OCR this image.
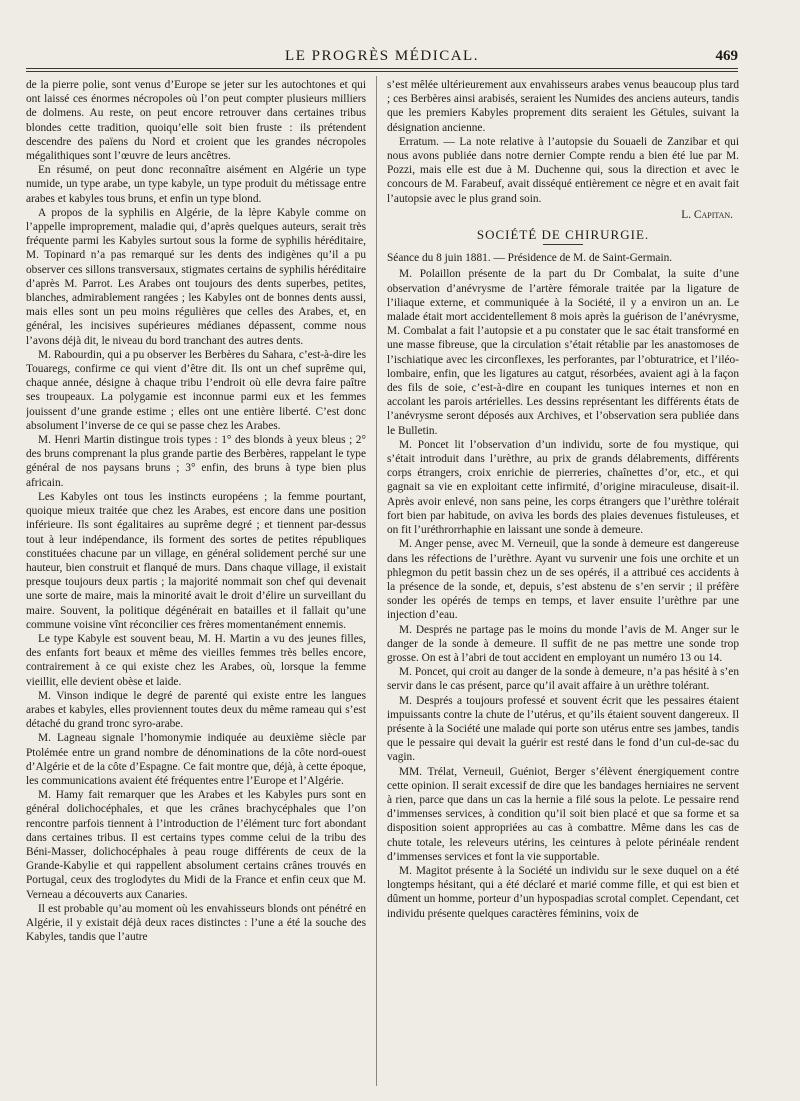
LE PROGRÈS MÉDICAL.	469

de la pierre polie, sont venus d’Europe se jeter sur les autochtones et qui ont laissé ces énormes nécropoles où l’on peut compter plusieurs milliers de dolmens. Au reste, on peut encore retrouver dans certaines tribus blondes cette tradition, quoiqu’elle soit bien fruste : ils prétendent descendre des païens du Nord et croient que les grandes nécropoles mégalithiques sont l’œuvre de leurs ancêtres.

En résumé, on peut donc reconnaître aisément en Algérie un type numide, un type arabe, un type kabyle, un type produit du métissage entre arabes et kabyles tous bruns, et enfin un type blond.

A propos de la syphilis en Algérie, de la lèpre Kabyle comme on l’appelle improprement, maladie qui, d’après quelques auteurs, serait très fréquente parmi les Kabyles surtout sous la forme de syphilis héréditaire, M. Topinard n’a pas remarqué sur les dents des indigènes qu’il a pu observer ces sillons transversaux, stigmates certains de syphilis héréditaire d’après M. Parrot. Les Arabes ont toujours des dents superbes, petites, blanches, admirablement rangées ; les Kabyles ont de bonnes dents aussi, mais elles sont un peu moins régulières que celles des Arabes, et, en général, les incisives supérieures médianes dépassent, comme nous l’avons déjà dit, le niveau du bord tranchant des autres dents.

M. Rabourdin, qui a pu observer les Berbères du Sahara, c’est-à-dire les Touaregs, confirme ce qui vient d’être dit. Ils ont un chef suprême qui, chaque année, désigne à chaque tribu l’endroit où elle devra faire paître ses troupeaux. La polygamie est inconnue parmi eux et les femmes jouissent d’une grande estime ; elles ont une entière liberté. C’est donc absolument l’inverse de ce qui se passe chez les Arabes.

M. Henri Martin distingue trois types : 1° des blonds à yeux bleus ; 2° des bruns comprenant la plus grande partie des Berbères, rappelant le type général de nos paysans bruns ; 3° enfin, des bruns à type bien plus africain.

Les Kabyles ont tous les instincts européens ; la femme pourtant, quoique mieux traitée que chez les Arabes, est encore dans une position inférieure. Ils sont égalitaires au suprême degré ; et tiennent par-dessus tout à leur indépendance, ils forment des sortes de petites républiques constituées chacune par un village, en général solidement perché sur une hauteur, bien construit et flanqué de murs. Dans chaque village, il existait presque toujours deux partis ; la majorité nommait son chef qui devenait une sorte de maire, mais la minorité avait le droit d’élire un surveillant du maire. Souvent, la politique dégénérait en batailles et il fallait qu’une commune voisine vînt réconcilier ces frères momentanément ennemis.

Le type Kabyle est souvent beau, M. H. Martin a vu des jeunes filles, des enfants fort beaux et même des vieilles femmes très belles encore, contrairement à ce qui existe chez les Arabes, où, lorsque la femme vieillit, elle devient obèse et laide.

M. Vinson indique le degré de parenté qui existe entre les langues arabes et kabyles, elles proviennent toutes deux du même rameau qui s’est détaché du grand tronc syro-arabe.

M. Lagneau signale l’homonymie indiquée au deuxième siècle par Ptolémée entre un grand nombre de dénominations de la côte nord-ouest d’Algérie et de la côte d’Espagne. Ce fait montre que, déjà, à cette époque, les communications avaient été fréquentes entre l’Europe et l’Algérie.

M. Hamy fait remarquer que les Arabes et les Kabyles purs sont en général dolichocéphales, et que les crânes brachycéphales que l’on rencontre parfois tiennent à l’introduction de l’élément turc fort abondant dans certaines tribus. Il est certains types comme celui de la tribu des Béni-Masser, dolichocéphales à peau rouge différents de ceux de la Grande-Kabylie et qui rappellent absolument certains crânes trouvés en Portugal, ceux des troglodytes du Midi de la France et enfin ceux que M. Verneau a découverts aux Canaries.

Il est probable qu’au moment où les envahisseurs blonds ont pénétré en Algérie, il y existait déjà deux races distinctes : l’une a été la souche des Kabyles, tandis que l’autre

s’est mêlée ultérieurement aux envahisseurs arabes venus beaucoup plus tard ; ces Berbères ainsi arabisés, seraient les Numides des anciens auteurs, tandis que les premiers Kabyles proprement dits seraient les Gétules, suivant la désignation ancienne.

Erratum. — La note relative à l’autopsie du Souaeli de Zanzibar et qui nous avons publiée dans notre dernier Compte rendu a bien été lue par M. Pozzi, mais elle est due à M. Duchenne qui, sous la direction et avec le concours de M. Farabeuf, avait disséqué entièrement ce nègre et en avait fait l’autopsie avec le plus grand soin.

L. Capitan.

SOCIÉTÉ DE CHIRURGIE.

Séance du 8 juin 1881. — Présidence de M. de Saint-Germain.

M. Polaillon présente de la part du Dr Combalat, la suite d’une observation d’anévrysme de l’artère fémorale traitée par la ligature de l’iliaque externe, et communiquée à la Société, il y a environ un an. Le malade était mort accidentellement 8 mois après la guérison de l’anévrysme, M. Combalat a fait l’autopsie et a pu constater que le sac était transformé en une masse fibreuse, que la circulation s’était rétablie par les anastomoses de l’ischiatique avec les circonflexes, les perforantes, par l’obturatrice, et l’iléo-lombaire, enfin, que les ligatures au catgut, résorbées, avaient agi à la façon des fils de soie, c’est-à-dire en coupant les tuniques internes et non en accolant les parois artérielles. Les dessins représentant les différents états de l’anévrysme seront déposés aux Archives, et l’observation sera publiée dans le Bulletin.

M. Poncet lit l’observation d’un individu, sorte de fou mystique, qui s’était introduit dans l’urèthre, au prix de grands délabrements, différents corps étrangers, croix enrichie de pierreries, chaînettes d’or, etc., et qui gagnait sa vie en exploitant cette infirmité, d’origine miraculeuse, disait-il. Après avoir enlevé, non sans peine, les corps étrangers que l’urèthre tolérait fort bien par habitude, on aviva les bords des plaies devenues fistuleuses, et on fit l’uréthrorrhaphie en laissant une sonde à demeure.

M. Anger pense, avec M. Verneuil, que la sonde à demeure est dangereuse dans les réfections de l’urèthre. Ayant vu survenir une fois une orchite et un phlegmon du petit bassin chez un de ses opérés, il a attribué ces accidents à la présence de la sonde, et, depuis, s’est abstenu de s’en servir ; il préfère sonder les opérés de temps en temps, et laver ensuite l’urèthre par une injection d’eau.

M. Després ne partage pas le moins du monde l’avis de M. Anger sur le danger de la sonde à demeure. Il suffit de ne pas mettre une sonde trop grosse. On est à l’abri de tout accident en employant un numéro 13 ou 14.

M. Poncet, qui croit au danger de la sonde à demeure, n’a pas hésité à s’en servir dans le cas présent, parce qu’il avait affaire à un urèthre tolérant.

M. Després a toujours professé et souvent écrit que les pessaires étaient impuissants contre la chute de l’utérus, et qu’ils étaient souvent dangereux. Il présente à la Société une malade qui porte son utérus entre ses jambes, tandis que le pessaire qui devait la guérir est resté dans le fond d’un cul-de-sac du vagin.

MM. Trélat, Verneuil, Guéniot, Berger s’élèvent énergiquement contre cette opinion. Il serait excessif de dire que les bandages herniaires ne servent à rien, parce que dans un cas la hernie a filé sous la pelote. Le pessaire rend d’immenses services, à condition qu’il soit bien placé et que sa forme et sa disposition soient appropriées au cas à combattre. Même dans les cas de chute totale, les releveurs utérins, les ceintures à pelote périnéale rendent d’immenses services et font la vie supportable.

M. Magitot présente à la Société un individu sur le sexe duquel on a été longtemps hésitant, qui a été déclaré et marié comme fille, et qui est bien et dûment un homme, porteur d’un hypospadias scrotal complet. Cependant, cet individu présente quelques caractères féminins, voix de
